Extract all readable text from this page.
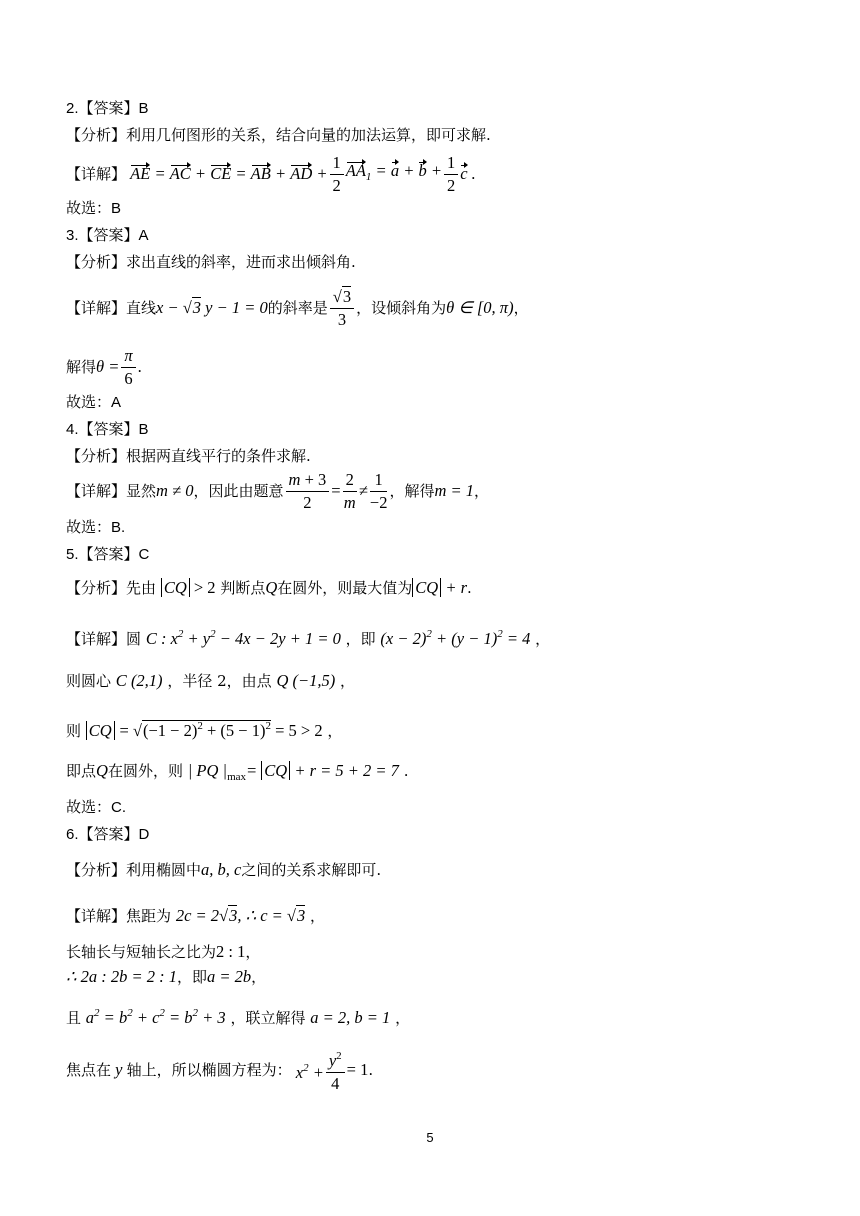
2.【答案】B
【分析】利用几何图形的关系，结合向量的加法运算，即可求解.
【详解】 AE = AC + CE = AB + AD + $\frac{1}{2} AA_1 = a + b + \frac{1}{2}$ c .
故选：B
3.【答案】A
【分析】求出直线的斜率，进而求出倾斜角.
【详解】 直线 x − √3 y − 1 = 0 的斜率是 $\frac{√3}{3}$ ，设倾斜角为 θ ∈ [0, π) ，
解得 $\theta = \frac{\pi}{6}$ .
故选：A
4.【答案】B
【分析】根据两直线平行的条件求解.
【详解】 显然 m ≠ 0 ，因此由题意 $\frac{m + 3}{2} = \frac{2}{m} \ne \frac{1}{-2}$ ，解得 m = 1 ，
故选：B.
5.【答案】C
【分析】先由 CQ > 2 判断点Q在圆外，则最大值为 CQ + r.
【详解】圆 C : $x^2 + y^2 - 4x - 2y + 1 = 0$ ，即 $(x - 2)^2 + (y - 1)^2 = 4$ ，
则圆心 C (2,1) ，半径 2，由点 Q (−1,5) ，
则 CQ = $√(-1 - 2)^2 + (5 - 1)^2 = 5 > 2$ ，
即点Q在圆外，则 | PQ $|_{max}=$ CQ + r = 5 + 2 = 7 .
故选：C.
6.【答案】D
【分析】利用椭圆中a, b, c之间的关系求解即可.
【详解】焦距为 2c = 2√3, ∴ c = √3 ，
长轴长与短轴长之比为2 : 1，
∴ 2a : 2b = 2 : 1，即a = 2b，
且 $a^2 = b^2 + c^2 = b^2 + 3$ ，联立解得 a = 2, b = 1 ，
焦点在 y 轴上，所以椭圆方程为： $x^2 + \frac{y^2}{4} = 1$ .
5
